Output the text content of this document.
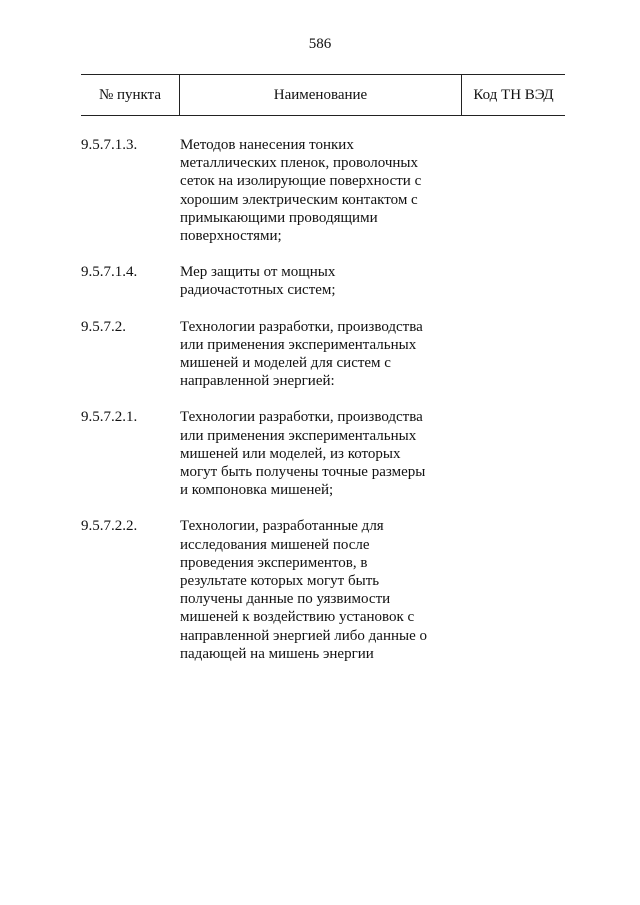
586
№ пункта	Наименование	Код ТН ВЭД
9.5.7.1.3.	Методов нанесения тонких
металлических пленок, проволочных
сеток на изолирующие поверхности с
хорошим электрическим контактом с
примыкающими проводящими
поверхностями;
9.5.7.1.4.	Мер защиты от мощных
радиочастотных систем;
9.5.7.2.	Технологии разработки, производства
или применения экспериментальных
мишеней и моделей для систем с
направленной энергией:
9.5.7.2.1.	Технологии разработки, производства
или применения экспериментальных
мишеней или моделей, из которых
могут быть получены точные размеры
и компоновка мишеней;
9.5.7.2.2.	Технологии, разработанные для
исследования мишеней после
проведения экспериментов, в
результате которых могут быть
получены данные по уязвимости
мишеней к воздействию установок с
направленной энергией либо данные о
падающей на мишень энергии
